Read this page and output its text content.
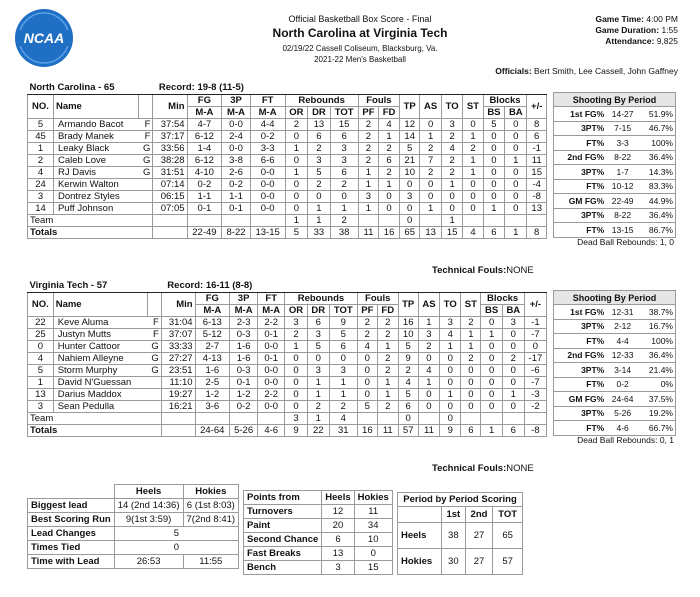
NCAA
Official Basketball Box Score - Final
North Carolina at Virginia Tech
02/19/22 Cassell Coliseum, Blacksburg, Va.
2021-22 Men's Basketball
Game Time: 4:00 PM
Game Duration: 1:55
Attendance: 9,825
Officials: Bert Smith, Lee Cassell, John Gaffney
North Carolina - 65			Record: 19-8 (11-5)															
NO.	Name		Min	FG	3P	FT	Rebounds			Fouls		TP	AS	TO	ST	Blocks		+/-
				M-A	M-A	M-A	OR	DR	TOT	PF	FD					BS	BA	
5	Armando Bacot	F	37:54	4-7	0-0	4-4	2	13	15	2	4	12	0	3	0	5	0	8
45	Brady Manek	F	37:17	6-12	2-4	0-2	0	6	6	2	1	14	1	2	1	0	0	6
1	Leaky Black	G	33:56	1-4	0-0	3-3	1	2	3	2	2	5	2	4	2	0	0	-1
2	Caleb Love	G	38:28	6-12	3-8	6-6	0	3	3	2	6	21	7	2	1	0	1	11
4	RJ Davis	G	31:51	4-10	2-6	0-0	1	5	6	1	2	10	2	2	1	0	0	15
24	Kerwin Walton		07:14	0-2	0-2	0-0	0	2	2	1	1	0	0	1	0	0	0	-4
3	Dontrez Styles		06:15	1-1	1-1	0-0	0	0	0	3	0	3	0	0	0	0	0	-8
14	Puff Johnson		07:05	0-1	0-1	0-0	0	1	1	1	0	0	1	0	0	1	0	13
Team							1	1	2			0		1				
Totals				22-49	8-22	13-15	5	33	38	11	16	65	13	15	4	6	1	8
Technical Fouls:NONE
Shooting By Period		
1st FG%	14-27	51.9%
3PT%	7-15	46.7%
FT%	3-3	100%
2nd FG%	8-22	36.4%
3PT%	1-7	14.3%
FT%	10-12	83.3%
GM FG%	22-49	44.9%
3PT%	8-22	36.4%
FT%	13-15	86.7%
Dead Ball Rebounds: 1, 0
Virginia Tech - 57			Record: 16-11 (8-8)															
NO.	Name		Min	FG	3P	FT	Rebounds			Fouls		TP	AS	TO	ST	Blocks		+/-
				M-A	M-A	M-A	OR	DR	TOT	PF	FD					BS	BA	
22	Keve Aluma	F	31:04	6-13	2-3	2-2	3	6	9	2	2	16	1	3	2	0	3	-1
25	Justyn Mutts	F	37:07	5-12	0-3	0-1	2	3	5	2	2	10	3	4	1	1	0	-7
0	Hunter Cattoor	G	33:33	2-7	1-6	0-0	1	5	6	4	1	5	2	1	1	0	0	0
4	Nahiem Alleyne	G	27:27	4-13	1-6	0-1	0	0	0	0	2	9	0	0	2	0	2	-17
5	Storm Murphy	G	23:51	1-6	0-3	0-0	0	3	3	0	2	2	4	0	0	0	0	-6
1	David N'Guessan		11:10	2-5	0-1	0-0	0	1	1	0	1	4	1	0	0	0	0	-7
13	Darius Maddox		19:27	1-2	1-2	2-2	0	1	1	0	1	5	0	1	0	0	1	-3
3	Sean Pedulla		16:21	3-6	0-2	0-0	0	2	2	5	2	6	0	0	0	0	0	-2
Team							3	1	4			0		0				
Totals				24-64	5-26	4-6	9	22	31	16	11	57	11	9	6	1	6	-8
Technical Fouls:NONE
Shooting By Period		
1st FG%	12-31	38.7%
3PT%	2-12	16.7%
FT%	4-4	100%
2nd FG%	12-33	36.4%
3PT%	3-14	21.4%
FT%	0-2	0%
GM FG%	24-64	37.5%
3PT%	5-26	19.2%
FT%	4-6	66.7%
Dead Ball Rebounds: 0, 1
	Heels	Hokies
Biggest lead	14 (2nd 14:36)	6 (1st 8:03)
Best Scoring Run	9(1st 3:59)	7(2nd 8:41)
Lead Changes	5	
Times Tied	0	
Time with Lead	26:53	11:55
Points from	Heels	Hokies
Turnovers	12	11
Paint	20	34
Second Chance	6	10
Fast Breaks	13	0
Bench	3	15
Period by Period Scoring			
	1st	2nd	TOT
Heels	38	27	65
Hokies	30	27	57
